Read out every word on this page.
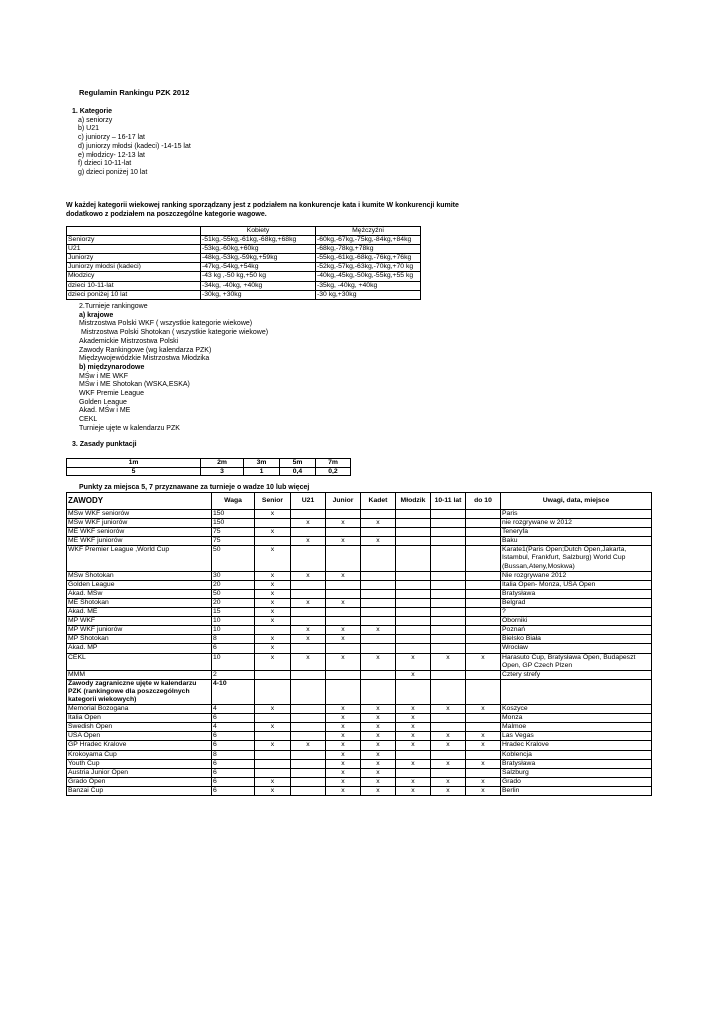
Regulamin Rankingu PZK 2012
1. Kategorie
a) seniorzy
b) U21
c) juniorzy – 16-17 lat
d) juniorzy młodsi (kadeci) -14-15 lat
e) młodzicy- 12-13 lat
f) dzieci 10-11-lat
g) dzieci poniżej 10 lat
W każdej kategorii wiekowej ranking sporządzany jest z podziałem na konkurencje kata i kumite W konkurencji kumite
dodatkowo z podziałem na poszczególne kategorie wagowe.
	Kobiety	Mężczyźni
Seniorzy	-51kg,-55kg,-61kg,-68kg,+68kg	-60kg,-67kg,-75kg,-84kg,+84kg
U21	-53kg,-60kg,+60kg	-68kg,-78kg,+78kg
Juniorzy	-48kg,-53kg,-59kg,+59kg	-55kg,-61kg,-68kg,-76kg,+76kg
Juniorzy młodsi (kadeci)	-47kg,-54kg,+54kg	-52kg,-57kg,-63kg,-70kg,+70 kg
Młodzicy	-43 kg ,-50 kg,+50 kg	-40kg,-45kg,-50kg,-55kg,+55 kg
dzieci 10-11-lat	-34kg, -40kg, +40kg	-35kg, -40kg, +40kg
dzieci poniżej 10 lat	-30kg, +30kg	-30 kg,+30kg
2.Turnieje rankingowe
a) krajowe
Mistrzostwa Polski WKF ( wszystkie kategorie wiekowe)
Mistrzostwa Polski Shotokan ( wszystkie kategorie wiekowe)
Akademickie Mistrzostwa Polski
Zawody Rankingowe (wg kalendarza PZK)
Międzywojewódzkie Mistrzostwa Młodzika
b) międzynarodowe
MŚw i ME WKF
MŚw i ME Shotokan (WSKA,ESKA)
WKF Premie League
Golden League
Akad. MŚw i ME
CEKL
Turnieje ujęte w kalendarzu PZK
3. Zasady punktacji
1m	2m	3m	5m	7m
5	3	1	0,4	0,2
Punkty za miejsca 5, 7 przyznawane za turnieje o wadze 10 lub więcej
ZAWODY	Waga	Senior	U21	Junior	Kadet	Młodzik	10-11 lat	do 10	Uwagi, data, miejsce
MŚw WKF seniorów	150	x							Paris
MŚw WKF juniorów	150		x	x	x				nie rozgrywane w 2012
ME WKF seniorów	75	x							Teneryfa
ME WKF juniorów	75		x	x	x				Baku
WKF Premier League ,World Cup	50	x							Karate1(Paris Open;Dutch Open,Jakarta, Istambul, Frankfurt, Salzburg) World Cup (Bussan,Ateny,Moskwa)
MŚw Shotokan	30	x	x	x					Nie rozgrywane 2012
Golden League	20	x							Italia Open- Monza, USA Open
Akad. MŚw	50	x							Bratysława
ME Shotokan	20	x	x	x					Belgrad
Akad. ME	15	x							?
MP WKF	10	x							Oborniki
MP WKF juniorów	10		x	x	x				Poznań
MP Shotokan	8	x	x	x					Bielsko Biała
Akad. MP	6	x							Wrocław
CEKL	10	x	x	x	x	x	x	x	Harasuto Cup, Bratysława Open, Budapeszt Open, GP Czech Plzen
MMM	2					x			Cztery strefy
Zawody zagraniczne ujęte w kalendarzu PZK (rankingowe dla poszczególnych kategorii wiekowych)	4-10								
Memorial Bozogana	4	x		x	x	x	x	x	Koszyce
Italia Open	6			x	x	x			Monza
Swedish Open	4	x		x	x	x			Malmoe
USA Open	6			x	x	x	x	x	Las Vegas
GP Hradec Kralove	6	x	x	x	x	x	x	x	Hradec Kralove
Krokoyama Cup	8			x	x				Koblencja
Youth Cup	6			x	x	x	x	x	Bratysława
Austria Junior Open	6			x	x				Salzburg
Grado Open	6	x		x	x	x	x	x	Grado
Banzai Cup	6	x		x	x	x	x	x	Berlin
